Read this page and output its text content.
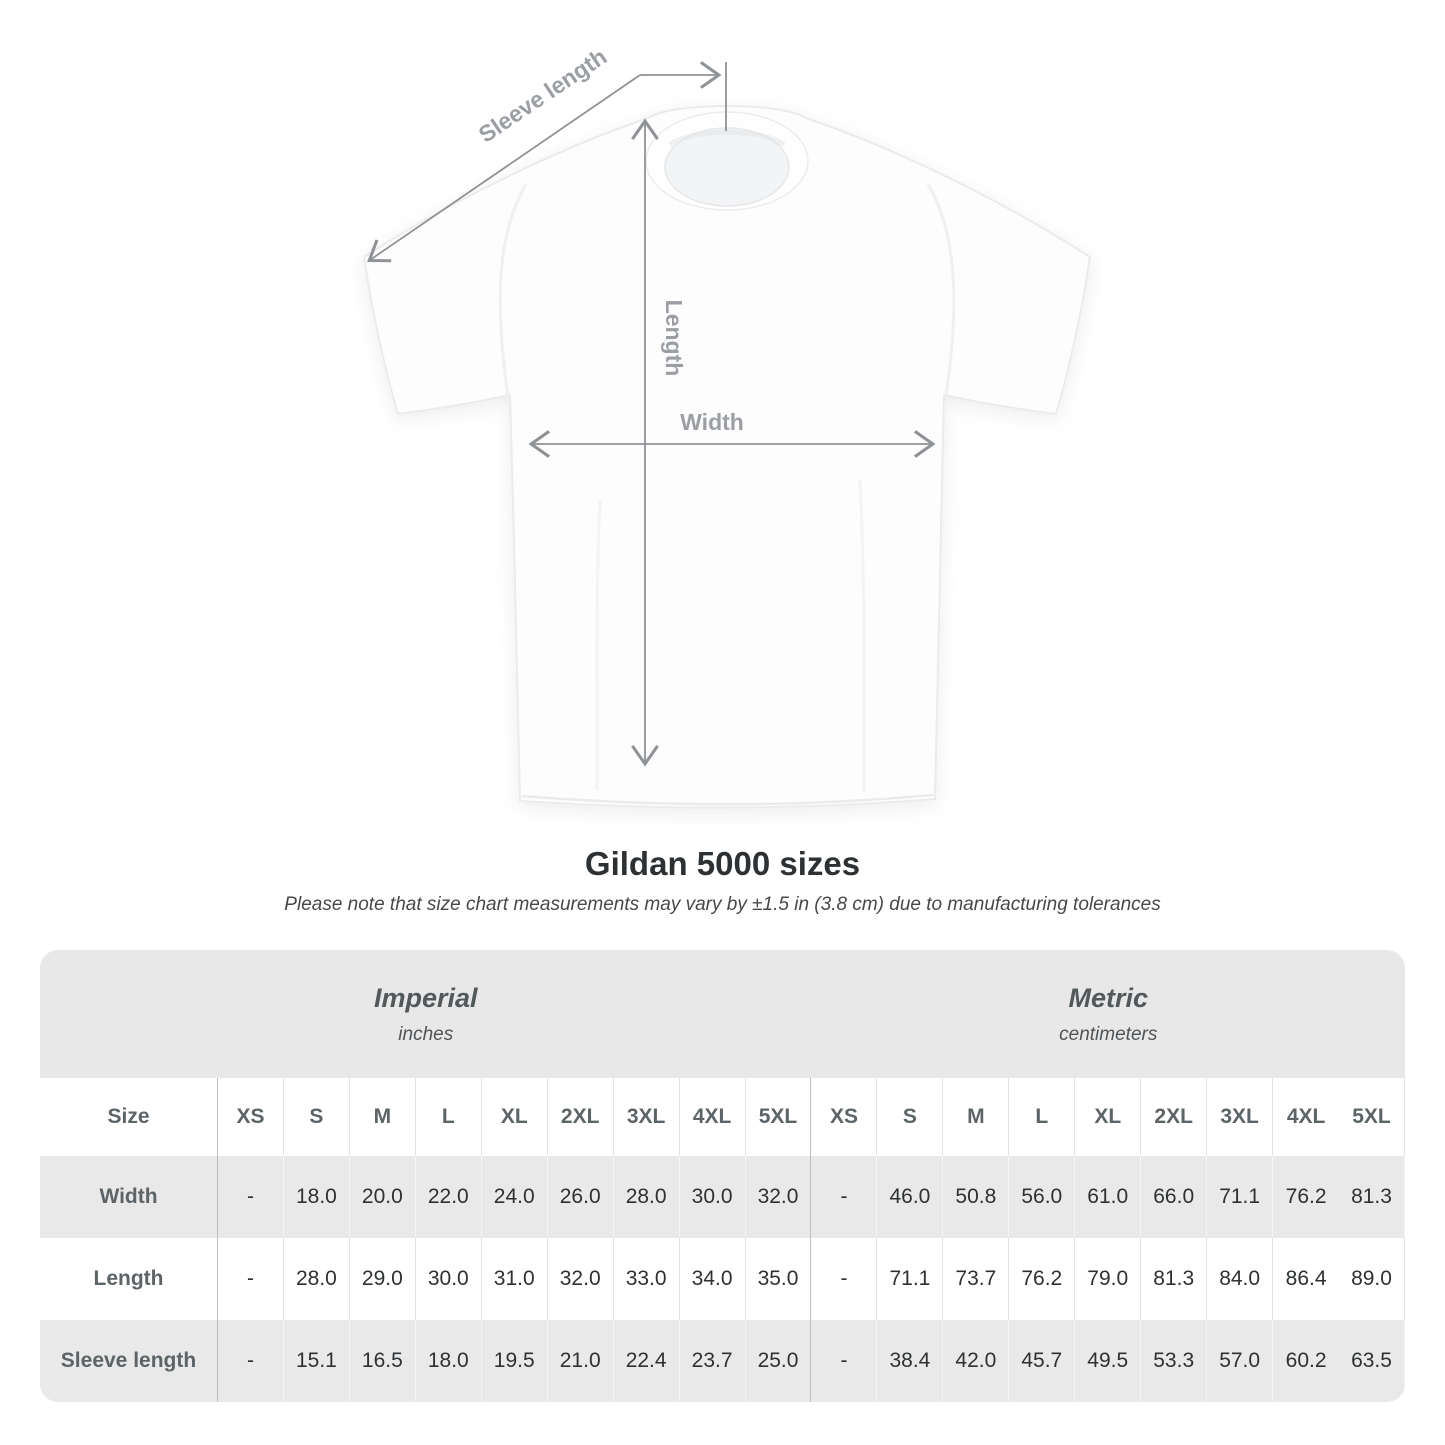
Sleeve length
Length
Width
Gildan 5000 sizes
Please note that size chart measurements may vary by ±1.5 in (3.8 cm) due to manufacturing tolerances
Imperial
inches
Metric
centimeters
Size	XS	S	M	L	XL	2XL	3XL	4XL	5XL	XS	S	M	L	XL	2XL	3XL	4XL	5XL
Width	-	18.0	20.0	22.0	24.0	26.0	28.0	30.0	32.0	-	46.0	50.8	56.0	61.0	66.0	71.1	76.2	81.3
Length	-	28.0	29.0	30.0	31.0	32.0	33.0	34.0	35.0	-	71.1	73.7	76.2	79.0	81.3	84.0	86.4	89.0
Sleeve length	-	15.1	16.5	18.0	19.5	21.0	22.4	23.7	25.0	-	38.4	42.0	45.7	49.5	53.3	57.0	60.2	63.5
